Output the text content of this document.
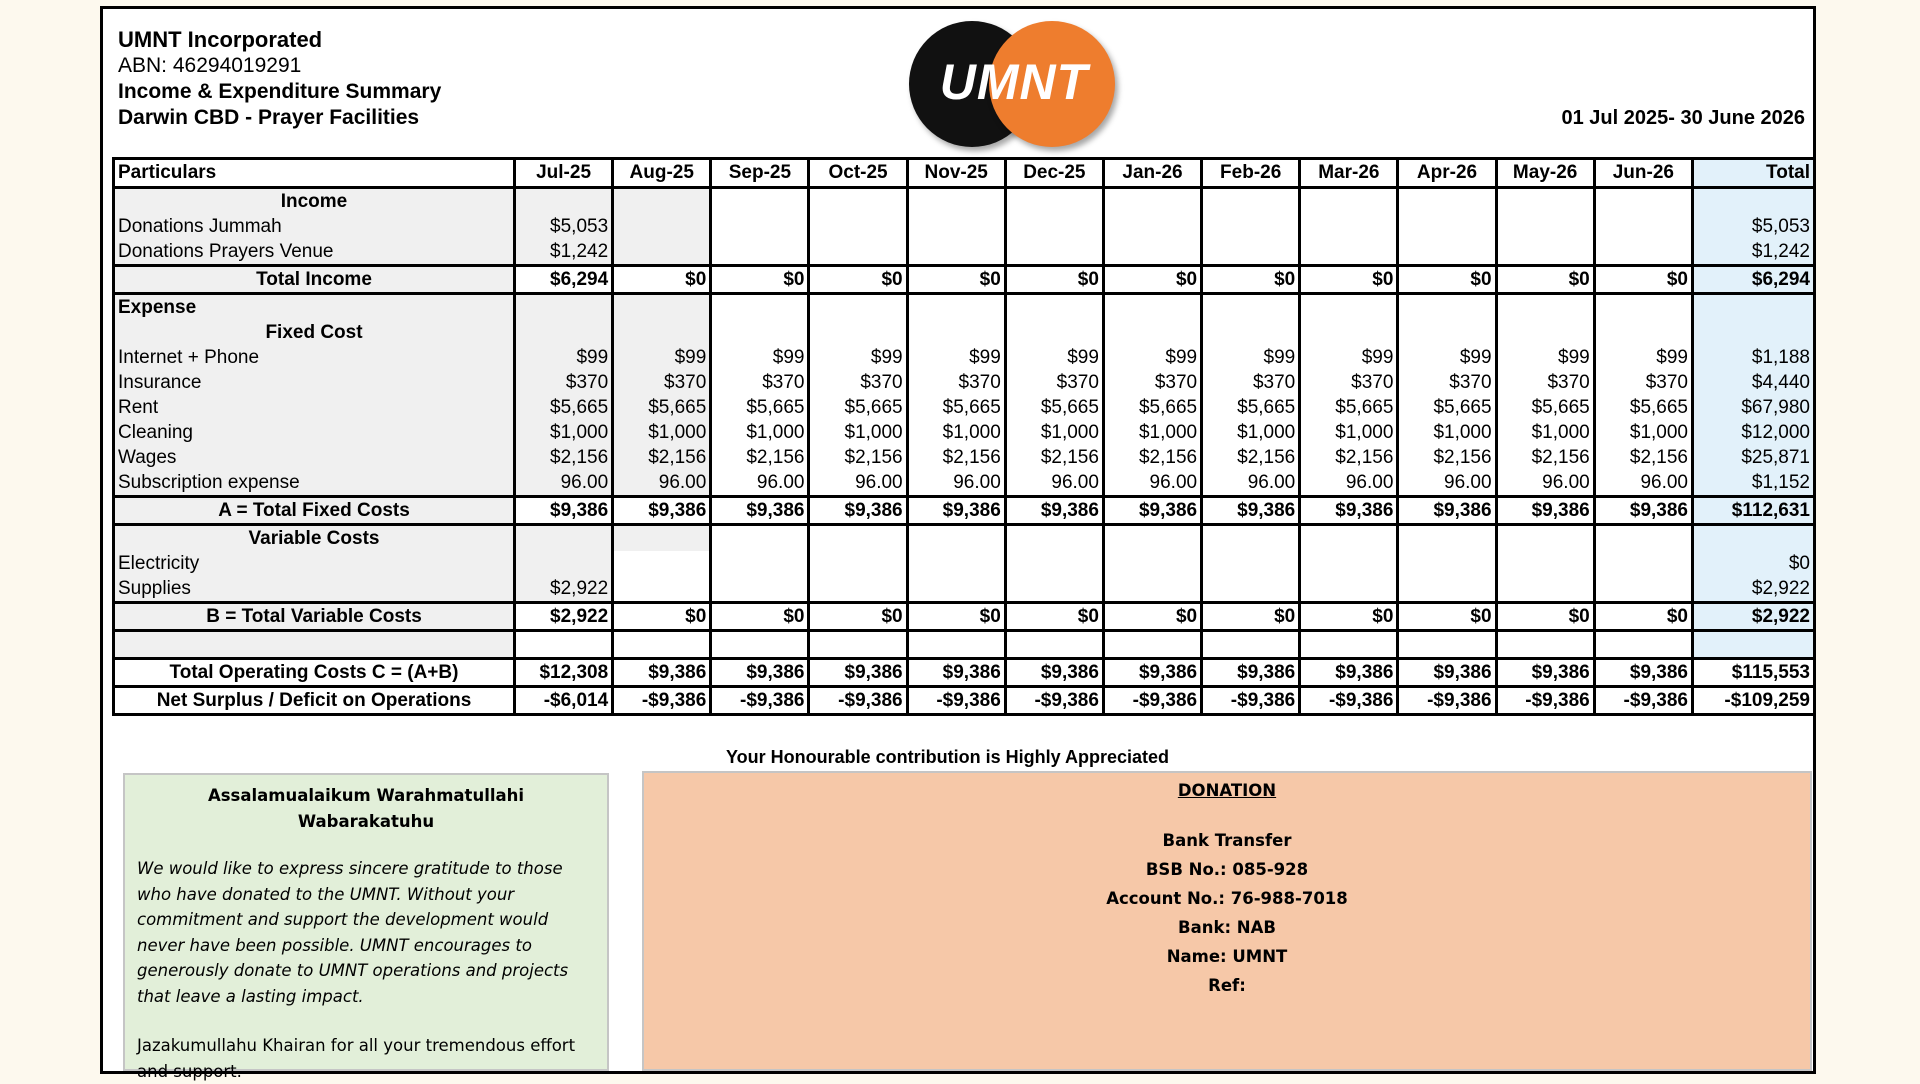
UMNT Incorporated
ABN: 46294019291
Income & Expenditure Summary
Darwin CBD - Prayer Facilities
UMNT
01 Jul 2025- 30 June 2026
Particulars	Jul-25	Aug-25	Sep-25	Oct-25	Nov-25	Dec-25	Jan-26	Feb-26	Mar-26	Apr-26	May-26	Jun-26	Total
Income													
Donations Jummah	$5,053												$5,053
Donations Prayers Venue	$1,242												$1,242
Total Income	$6,294	$0	$0	$0	$0	$0	$0	$0	$0	$0	$0	$0	$6,294
Expense													
Fixed Cost													
Internet + Phone	$99	$99	$99	$99	$99	$99	$99	$99	$99	$99	$99	$99	$1,188
Insurance	$370	$370	$370	$370	$370	$370	$370	$370	$370	$370	$370	$370	$4,440
Rent	$5,665	$5,665	$5,665	$5,665	$5,665	$5,665	$5,665	$5,665	$5,665	$5,665	$5,665	$5,665	$67,980
Cleaning	$1,000	$1,000	$1,000	$1,000	$1,000	$1,000	$1,000	$1,000	$1,000	$1,000	$1,000	$1,000	$12,000
Wages	$2,156	$2,156	$2,156	$2,156	$2,156	$2,156	$2,156	$2,156	$2,156	$2,156	$2,156	$2,156	$25,871
Subscription expense	96.00	96.00	96.00	96.00	96.00	96.00	96.00	96.00	96.00	96.00	96.00	96.00	$1,152
A = Total Fixed Costs	$9,386	$9,386	$9,386	$9,386	$9,386	$9,386	$9,386	$9,386	$9,386	$9,386	$9,386	$9,386	$112,631
Variable Costs													
Electricity													$0
Supplies	$2,922												$2,922
B = Total Variable Costs	$2,922	$0	$0	$0	$0	$0	$0	$0	$0	$0	$0	$0	$2,922

Total Operating Costs C = (A+B)	$12,308	$9,386	$9,386	$9,386	$9,386	$9,386	$9,386	$9,386	$9,386	$9,386	$9,386	$9,386	$115,553
Net Surplus / Deficit on Operations	-$6,014	-$9,386	-$9,386	-$9,386	-$9,386	-$9,386	-$9,386	-$9,386	-$9,386	-$9,386	-$9,386	-$9,386	-$109,259
Your Honourable contribution is Highly Appreciated
Assalamualaikum Warahmatullahi Wabarakatuhu
We would like to express sincere gratitude to those who have donated to the UMNT. Without your commitment and support the development would never have been possible. UMNT encourages to generously donate to UMNT operations and projects that leave a lasting impact.
Jazakumullahu Khairan for all your tremendous effort and support.
DONATION
Bank Transfer
BSB No.: 085-928
Account No.: 76-988-7018
Bank: NAB
Name: UMNT
Ref:
